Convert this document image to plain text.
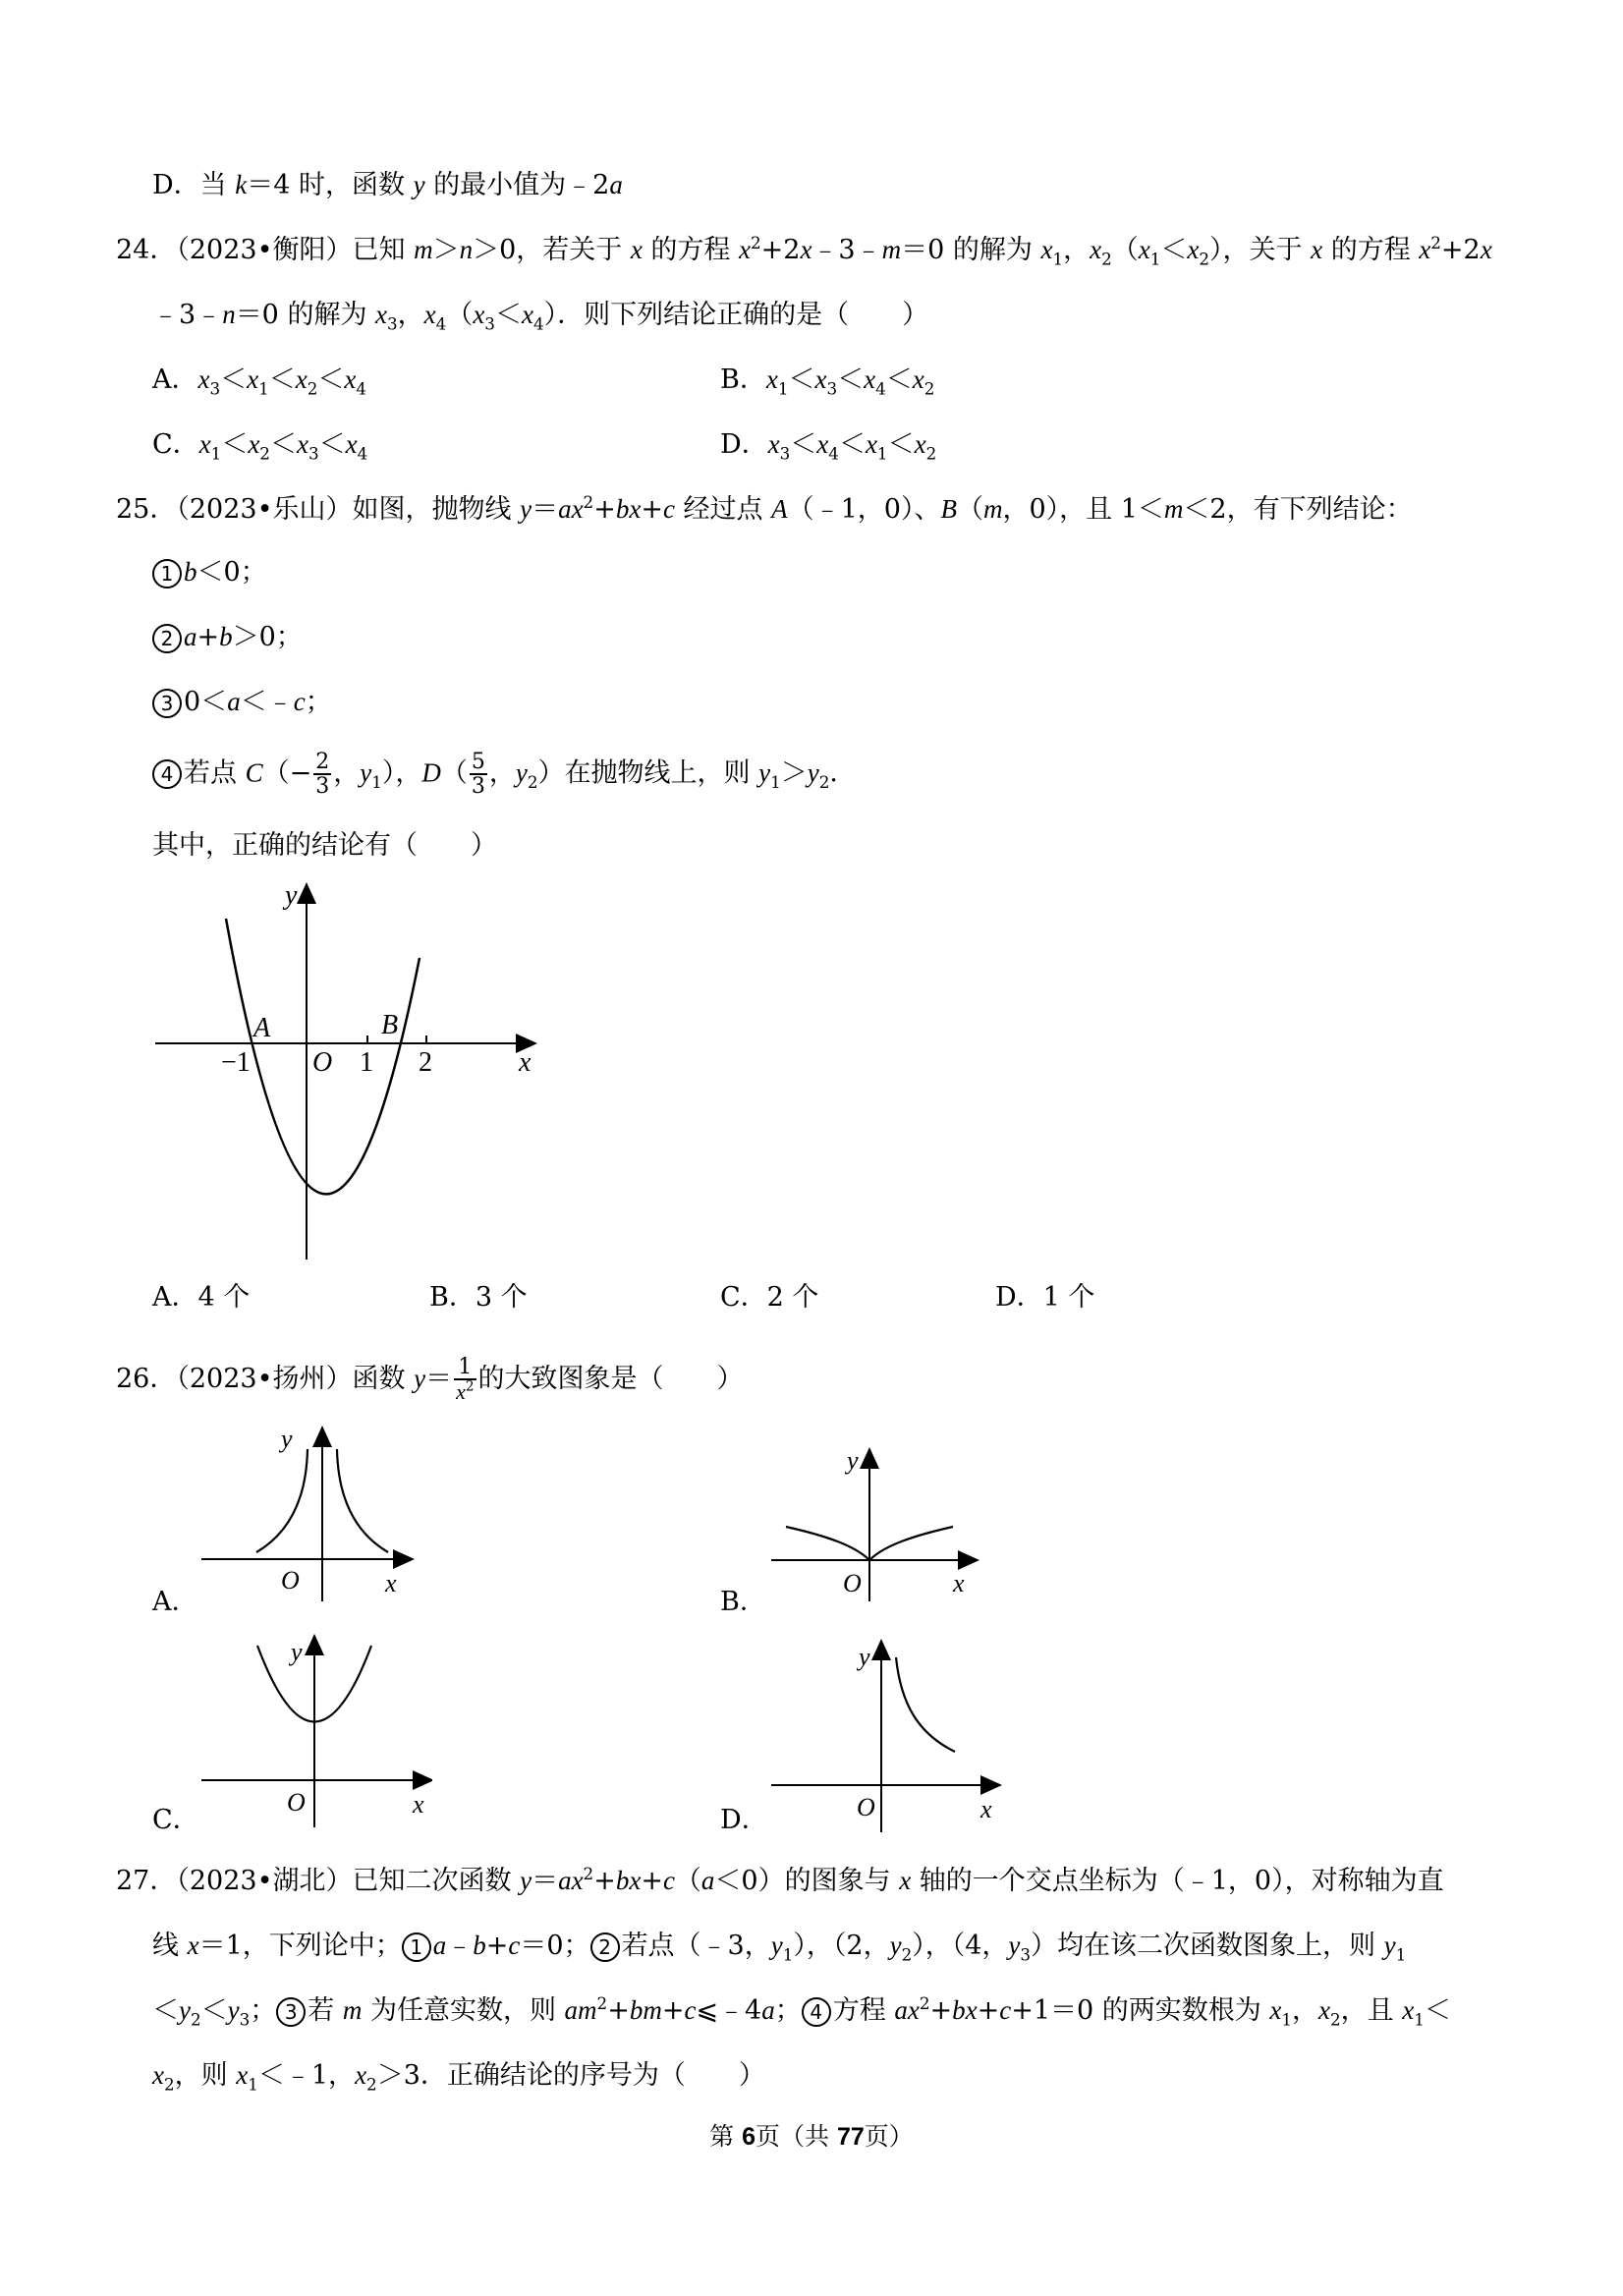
D．当 k＝4 时，函数 y 的最小值为﹣2a
24．（2023•衡阳）已知 m＞n＞0，若关于 x 的方程 $x^2+2x﹣3﹣m=0$ 的解为 $x_1$，$x_2(x_1<x_2)$，关于 x 的方程 $x^2+2x$
﹣3﹣n＝0 的解为 $x_3$，$x_4(x_3<x_4)$．则下列结论正确的是（　　）
A．$x_3<x_1<x_2<x_4$	B．$x_1<x_3<x_4<x_2$
C．$x_1<x_2<x_3<x_4$	D．$x_3<x_4<x_1<x_2$
25．（2023•乐山）如图，抛物线 $y=ax^2+bx+c$ 经过点 A（﹣1，0）、B（m，0），且 1＜m＜2，有下列结论：
1 b＜0；
2 a+b＞0；
3 0＜a＜﹣c；
4 若点 $C(- \frac{2}{3}$ ，$y_1$），$D( \frac{5}{3}$ ，$y_2$）在抛物线上，则 $y_1>y_2$．
其中，正确的结论有（　　）
y
x
A	B
−1 O 1 2
A．4 个	B．3 个	C．2 个	D．1 个
26．（2023•扬州）函数 $y= \frac{1}{x^2}$ 的大致图象是（　　）
y
x
O
A．
y
x
O
B．
y
x
O
C．
y
x
O
D．
27．（2023•湖北）已知二次函数 $y=ax^2+bx+c(a<0)$的图象与 x 轴的一个交点坐标为（﹣1，0），对称轴为直
线 x＝1，下列论中； 1 a﹣b+c＝0； 2 若点（﹣3，$y_1$），（2，$y_2$），（4，$y_3$）均在该二次函数图象上，则 $y_1$
$<y_2<y_3$； 3 若 m 为任意实数，则 $am^2+bm+c⩽﹣4a$； 4 方程 $ax^2+bx+c+1=0$ 的两实数根为 $x_1$，$x_2$，且 $x_1<$
$x_2$，则 $x_1<﹣1$，$x_2>3$．正确结论的序号为（　　）
第 6页（共 77页）
